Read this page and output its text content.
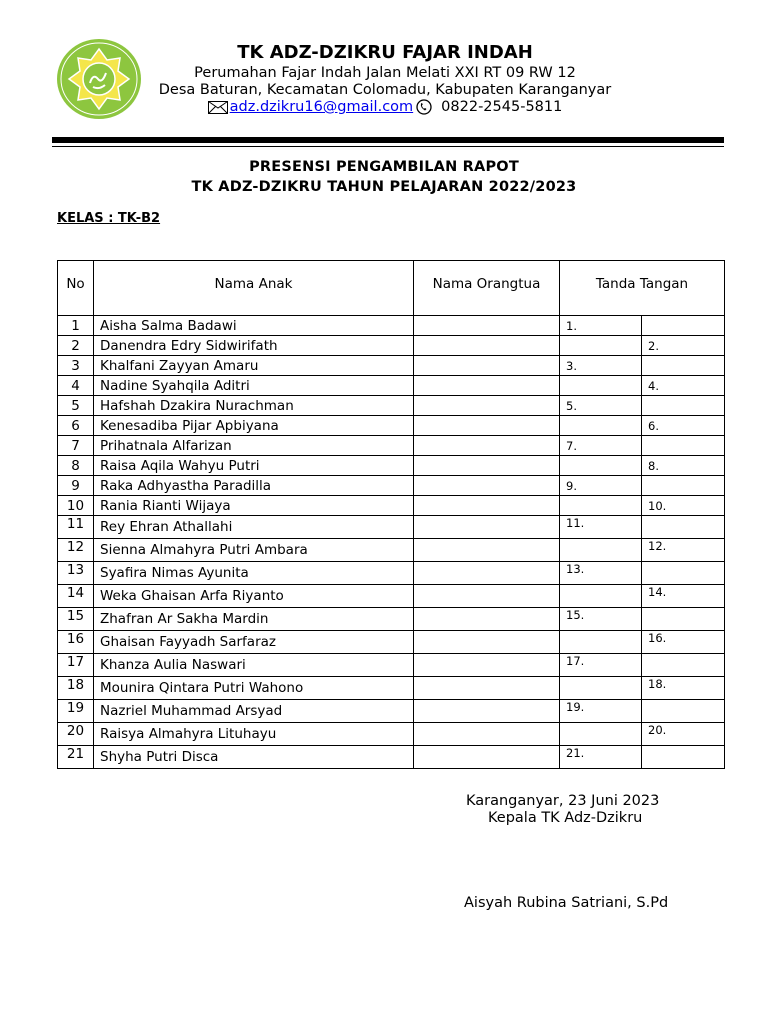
TK ADZ-DZIKRU FAJAR INDAH
Perumahan Fajar Indah Jalan Melati XXI RT 09 RW 12
Desa Baturan, Kecamatan Colomadu, Kabupaten Karanganyar
adz.dzikru16@gmail.com 0822-2545-5811
PRESENSI PENGAMBILAN RAPOT
TK ADZ-DZIKRU TAHUN PELAJARAN 2022/2023
KELAS : TK-B2
No	Nama Anak	Nama Orangtua	Tanda Tangan	
1	Aisha Salma Badawi		1.	
2	Danendra Edry Sidwirifath			2.
3	Khalfani Zayyan Amaru		3.	
4	Nadine Syahqila Aditri			4.
5	Hafshah Dzakira Nurachman		5.	
6	Kenesadiba Pijar Apbiyana			6.
7	Prihatnala Alfarizan		7.	
8	Raisa Aqila Wahyu Putri			8.
9	Raka Adhyastha Paradilla		9.	
10	Rania Rianti Wijaya			10.
11	Rey Ehran Athallahi		11.	
12	Sienna Almahyra Putri Ambara			12.
13	Syafira Nimas Ayunita		13.	
14	Weka Ghaisan Arfa Riyanto			14.
15	Zhafran Ar Sakha Mardin		15.	
16	Ghaisan Fayyadh Sarfaraz			16.
17	Khanza Aulia Naswari		17.	
18	Mounira Qintara Putri Wahono			18.
19	Nazriel Muhammad Arsyad		19.	
20	Raisya Almahyra Lituhayu			20.
21	Shyha Putri Disca		21.	
Karanganyar, 23 Juni 2023
Kepala TK Adz-Dzikru
Aisyah Rubina Satriani, S.Pd
